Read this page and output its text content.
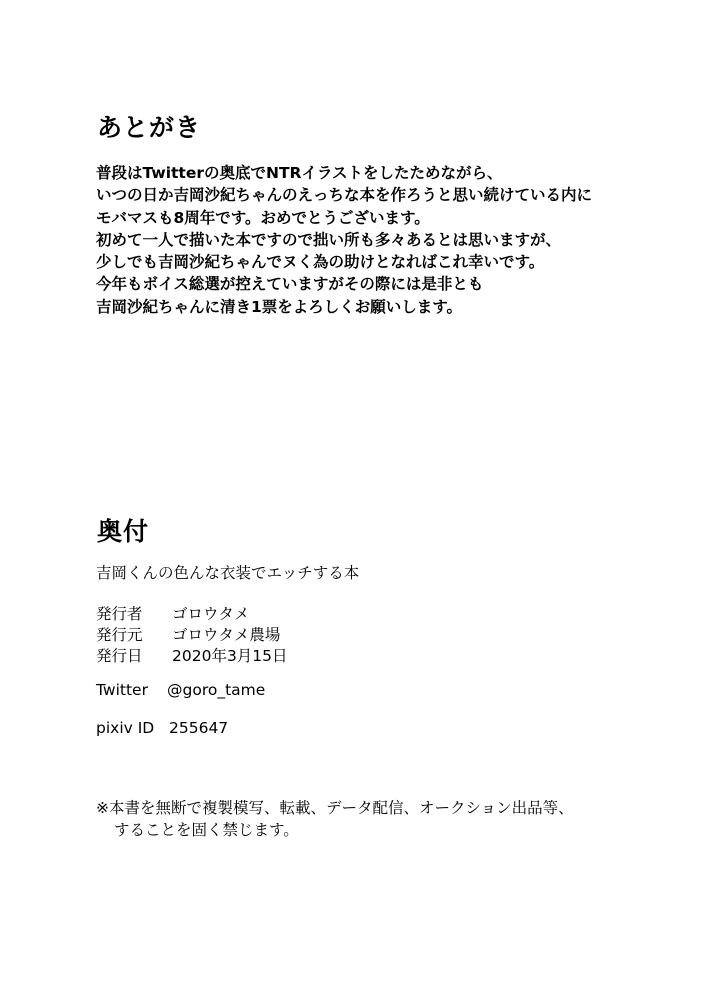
あとがき
普段はTwitterの奥底でNTRイラストをしたためながら、
いつの日か吉岡沙紀ちゃんのえっちな本を作ろうと思い続けている内に
モバマスも8周年です。おめでとうございます。
初めて一人で描いた本ですので拙い所も多々あるとは思いますが、
少しでも吉岡沙紀ちゃんでヌく為の助けとなればこれ幸いです。
今年もボイス総選が控えていますがその際には是非とも
吉岡沙紀ちゃんに清き1票をよろしくお願いします。
奥付
吉岡くんの色んな衣装でエッチする本
発行者	ゴロウタメ
発行元	ゴロウタメ農場
発行日	2020年3月15日
Twitter	@goro_tame
pixiv ID 255647
※本書を無断で複製模写、転載、データ配信、オークション出品等、
することを固く禁じます。
